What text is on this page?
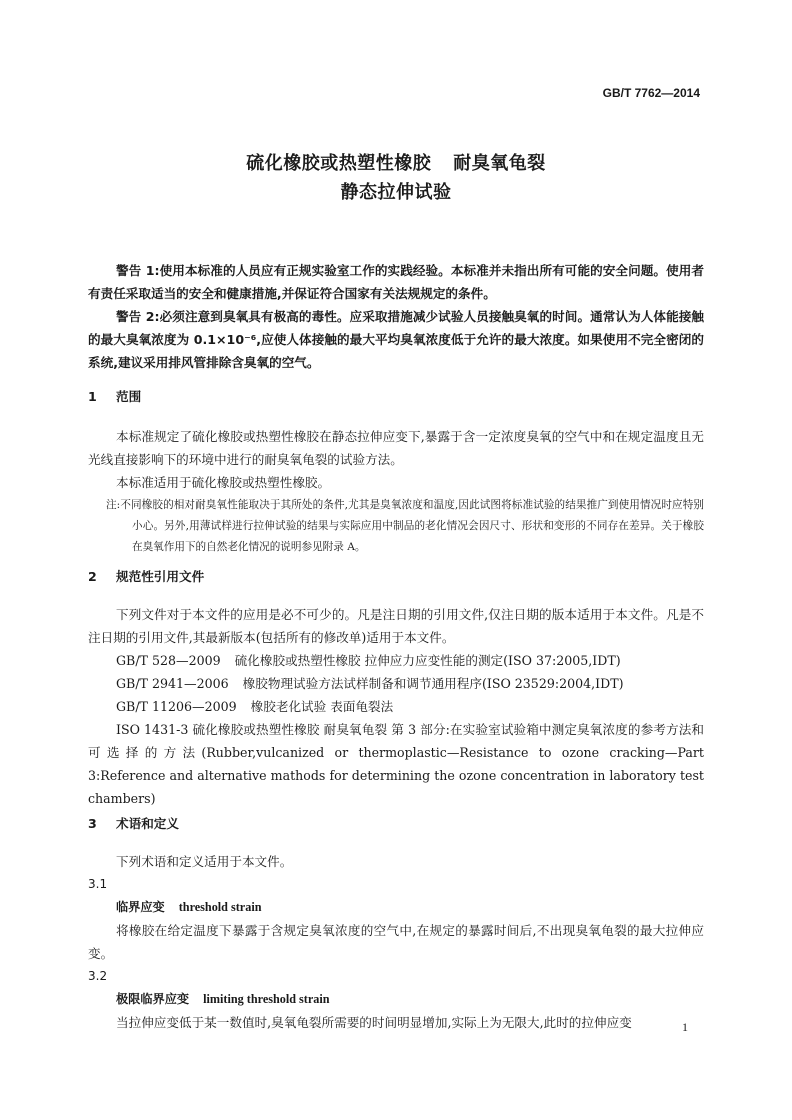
GB/T 7762—2014
硫化橡胶或热塑性橡胶 耐臭氧龟裂
静态拉伸试验

警告 1:使用本标准的人员应有正规实验室工作的实践经验。本标准并未指出所有可能的安全问题。使用者有责任采取适当的安全和健康措施,并保证符合国家有关法规规定的条件。

警告 2:必须注意到臭氧具有极高的毒性。应采取措施减少试验人员接触臭氧的时间。通常认为人体能接触的最大臭氧浓度为 0.1×10⁻⁶,应使人体接触的最大平均臭氧浓度低于允许的最大浓度。如果使用不完全密闭的系统,建议采用排风管排除含臭氧的空气。

1 范围

本标准规定了硫化橡胶或热塑性橡胶在静态拉伸应变下,暴露于含一定浓度臭氧的空气中和在规定温度且无光线直接影响下的环境中进行的耐臭氧龟裂的试验方法。

本标准适用于硫化橡胶或热塑性橡胶。

注:不同橡胶的相对耐臭氧性能取决于其所处的条件,尤其是臭氧浓度和温度,因此试图将标准试验的结果推广到使用情况时应特别小心。另外,用薄试样进行拉伸试验的结果与实际应用中制品的老化情况会因尺寸、形状和变形的不同存在差异。关于橡胶在臭氧作用下的自然老化情况的说明参见附录 A。

2 规范性引用文件

下列文件对于本文件的应用是必不可少的。凡是注日期的引用文件,仅注日期的版本适用于本文件。凡是不注日期的引用文件,其最新版本(包括所有的修改单)适用于本文件。

GB/T 528—2009 硫化橡胶或热塑性橡胶 拉伸应力应变性能的测定(ISO 37:2005,IDT)

GB/T 2941—2006 橡胶物理试验方法试样制备和调节通用程序(ISO 23529:2004,IDT)

GB/T 11206—2009 橡胶老化试验 表面龟裂法

ISO 1431-3 硫化橡胶或热塑性橡胶 耐臭氧龟裂 第 3 部分:在实验室试验箱中测定臭氧浓度的参考方法和可选择的方法(Rubber,vulcanized or thermoplastic—Resistance to ozone cracking—Part 3:Reference and alternative mathods for determining the ozone concentration in laboratory test chambers)

3 术语和定义

下列术语和定义适用于本文件。

3.1

临界应变 threshold strain

将橡胶在给定温度下暴露于含规定臭氧浓度的空气中,在规定的暴露时间后,不出现臭氧龟裂的最大拉伸应变。

3.2

极限临界应变 limiting threshold strain

当拉伸应变低于某一数值时,臭氧龟裂所需要的时间明显增加,实际上为无限大,此时的拉伸应变	1
